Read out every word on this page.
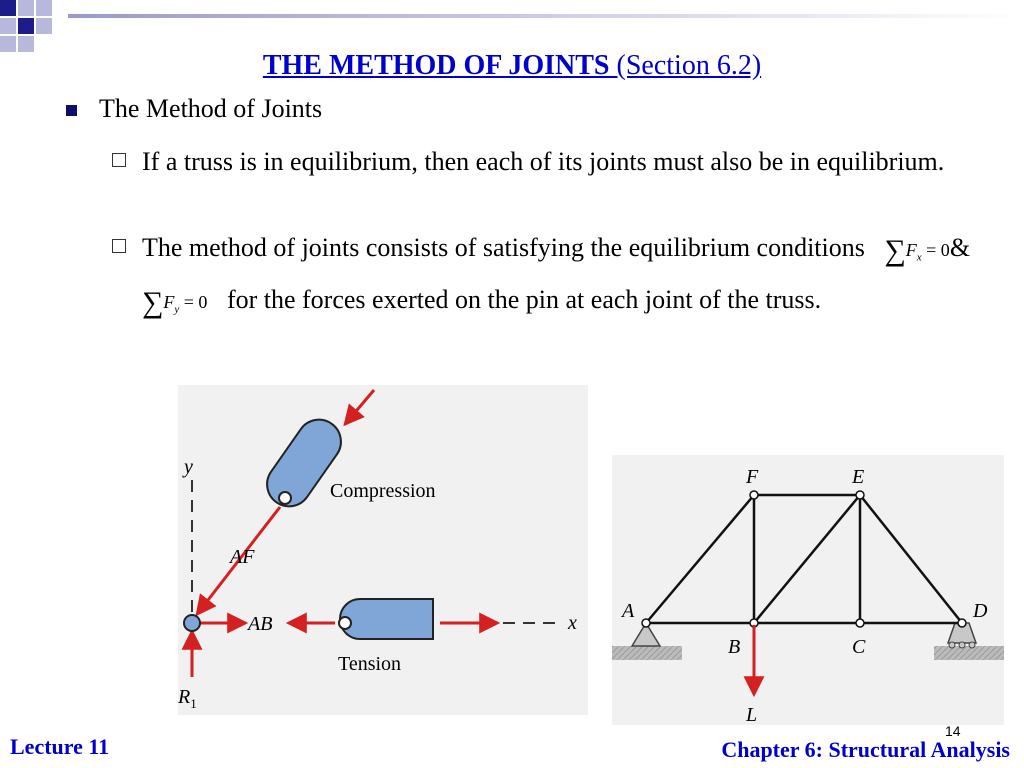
THE METHOD OF JOINTS (Section 6.2)
The Method of Joints
If a truss is in equilibrium, then each of its joints must also be in equilibrium.
The method of joints consists of satisfying the equilibrium conditions $\sum F_x$ = 0&     $\sum F_y = 0$ for the forces exerted on the pin at each joint of the truss.
y
x
Compression
AF
Tension
AB
$R_1$
A
B	C
D
E
F
L
Lecture 11
14
Chapter 6: Structural Analysis
